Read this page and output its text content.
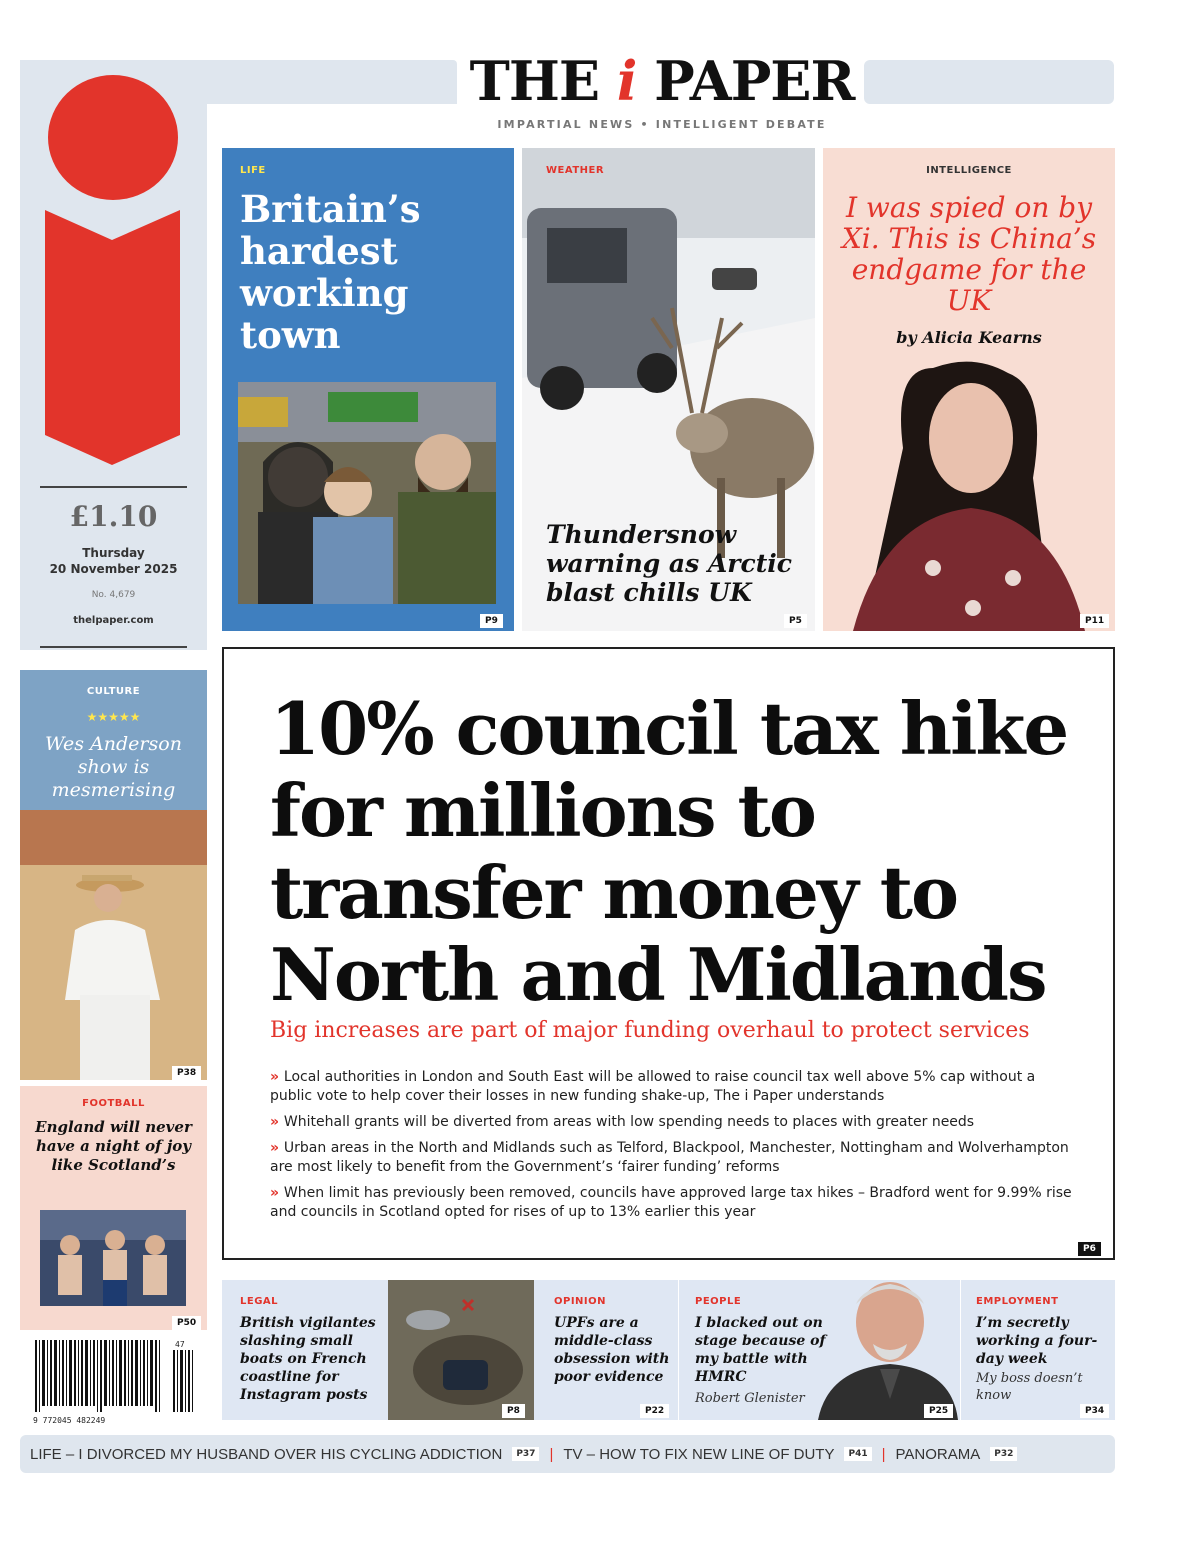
THE i PAPER
IMPARTIAL NEWS • INTELLIGENT DEBATE
£1.10
Thursday
20 November 2025
No. 4,679
thelpaper.com
LIFE
Britain’s hardest working town
P9
WEATHER
Thundersnow warning as Arctic blast chills UK
P5
INTELLIGENCE
I was spied on by Xi. This is China’s endgame for the UK
by Alicia Kearns
P11
10% council tax hike for millions to transfer money to North and Midlands
Big increases are part of major funding overhaul to protect services
» Local authorities in London and South East will be allowed to raise council tax well above 5% cap without a public vote to help cover their losses in new funding shake-up, The i Paper understands
» Whitehall grants will be diverted from areas with low spending needs to places with greater needs
» Urban areas in the North and Midlands such as Telford, Blackpool, Manchester, Nottingham and Wolverhampton are most likely to benefit from the Government’s ‘fairer funding’ reforms
» When limit has previously been removed, councils have approved large tax hikes – Bradford went for 9.99% rise and councils in Scotland opted for rises of up to 13% earlier this year
P6
CULTURE
★★★★★
Wes Anderson show is mesmerising
P38
FOOTBALL
England will never have a night of joy like Scotland’s
P50
9 772045 482249
47
LEGAL
British vigilantes slashing small boats on French coastline for Instagram posts
P8
OPINION
UPFs are a middle-class obsession with poor evidence
P22
PEOPLE
I blacked out on stage because of my battle with HMRC
Robert Glenister
P25
EMPLOYMENT
I’m secretly working a four-day week
My boss doesn’t know
P34
LIFE – I DIVORCED MY HUSBAND OVER HIS CYCLING ADDICTION	P37 | TV – HOW TO FIX NEW LINE OF DUTY	P41 | PANORAMA	P32
